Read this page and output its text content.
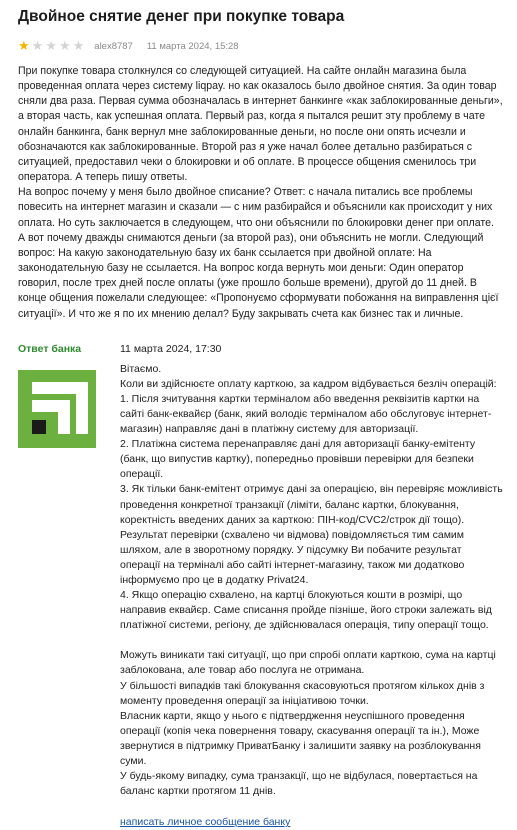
Двойное снятие денег при покупке товара
★ ★ ★ ★ ★ alex8787 11 марта 2024, 15:28

При покупке товара столкнулся со следующей ситуацией. На сайте онлайн магазина была проведенная оплата через систему liqpay. но как оказалось было двойное снятия. За один товар сняли два раза. Первая сумма обозначалась в интернет банкинге «как заблокированные деньги», а вторая часть, как успешная оплата. Первый раз, когда я пытался решит эту проблему в чате онлайн банкинга, банк вернул мне заблокированные деньги, но после они опять исчезли и обозначаются как заблокированные. Второй раз я уже начал более детально разбираться с ситуацией, предоставил чеки о блокировки и об оплате. В процессе общения сменилось три оператора. А теперь пишу ответы.

На вопрос почему у меня было двойное списание? Ответ: с начала питались все проблемы повесить на интернет магазин и сказали — с ним разбирайся и объяснили как происходит у них оплата. Но суть заключается в следующем, что они объяснили по блокировки денег при оплате. А вот почему дважды снимаются деньги (за второй раз), они объяснить не могли. Следующий вопрос: На какую законодательную базу их банк ссылается при двойной оплате: На законодательную базу не ссылается. На вопрос когда вернуть мои деньги: Один оператор говорил, после трех дней после оплаты (уже прошло больше времени), другой до 11 дней. В конце общения пожелали следующее: «Пропонуємо сформувати побожання на виправлення цієї ситуації». И что же я по их мнению делал? Буду закрывать счета как бизнес так и личные.

Ответ банка	11 марта 2024, 17:30

Вітаємо.

Коли ви здійснюєте оплату карткою, за кадром відбувається безліч операцій:

1. Після зчитування картки терміналом або введення реквізитів картки на сайті банк-еквайєр (банк, який володіє терміналом або обслуговує інтернет-магазин) направляє дані в платіжну систему для авторизації.

2. Платіжна система перенаправляє дані для авторизації банку-емітенту (банк, що випустив картку), попередньо провівши перевірки для безпеки операції.

3. Як тільки банк-емітент отримує дані за операцією, він перевіряє можливість проведення конкретної транзакції (ліміти, баланс картки, блокування, коректність введених даних за карткою: ПІН-код/CVC2/строк дії тощо). Результат перевірки (схвалено чи відмова) повідомляється тим самим шляхом, але в зворотному порядку. У підсумку Ви побачите результат операції на терміналі або сайті інтернет-магазину, також ми додатково інформуємо про це в додатку Privat24.

4. Якщо операцію схвалено, на картці блокуються кошти в розмірі, що направив еквайєр. Саме списання пройде пізніше, його строки залежать від платіжної системи, регіону, де здійснювалася операція, типу операції тощо.

Можуть виникати такі ситуації, що при спробі оплати карткою, сума на картці заблокована, але товар або послуга не отримана.

У більшості випадків такі блокування скасовуються протягом кількох днів з моменту проведення операції за ініціативою точки.

Власник карти, якщо у нього є підтвердження неуспішного проведення операції (копія чека повернення товару, скасування операції та ін.), Може звернутися в підтримку ПриватБанку і залишити заявку на розблокування суми.

У будь-якому випадку, сума транзакції, що не відбулася, повертається на баланс картки протягом 11 днів.

написать личное сообщение банку
